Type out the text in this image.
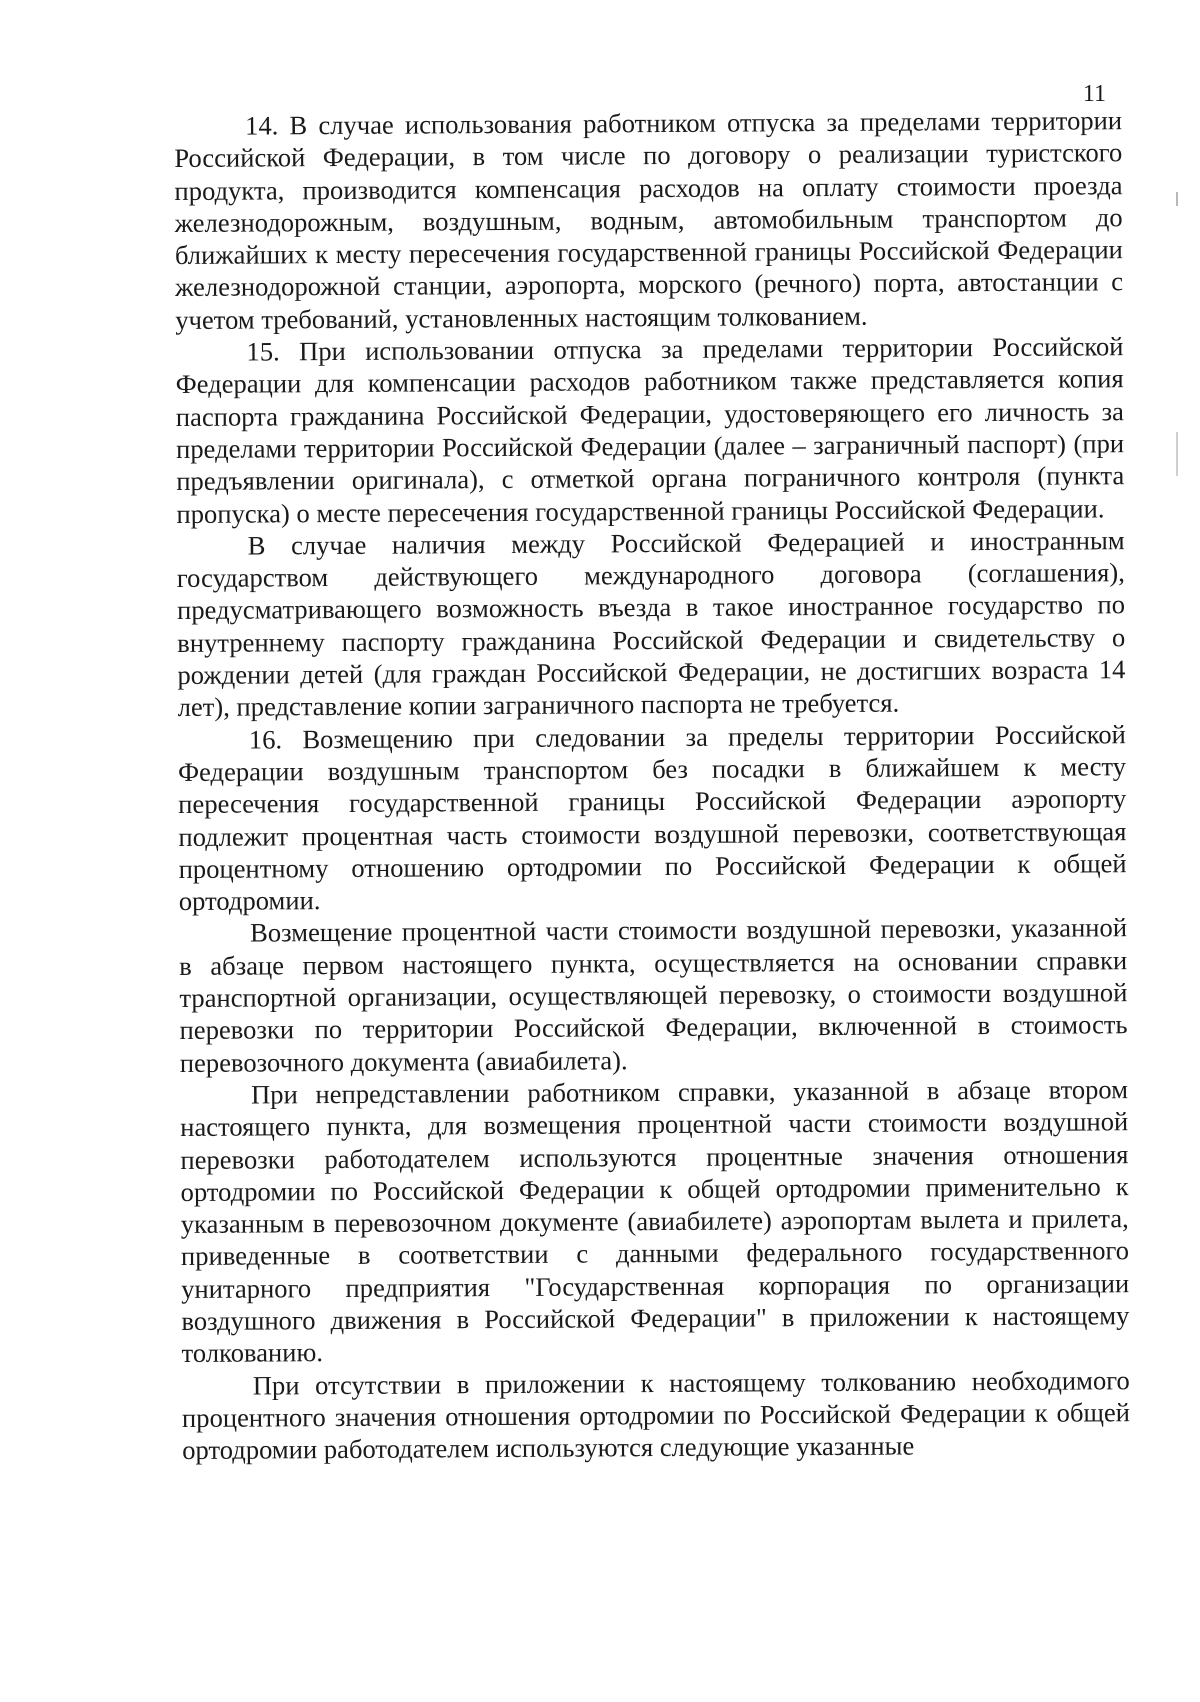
11

14. В случае использования работником отпуска за пределами территории Российской Федерации, в том числе по договору о реализации туристского продукта, производится компенсация расходов на оплату стоимости проезда железнодорожным, воздушным, водным, автомобильным транспортом до ближайших к месту пересечения государственной границы Российской Федерации железнодорожной станции, аэропорта, морского (речного) порта, автостанции с учетом требований, установленных настоящим толкованием.

15. При использовании отпуска за пределами территории Российской Федерации для компенсации расходов работником также представляется копия паспорта гражданина Российской Федерации, удостоверяющего его личность за пределами территории Российской Федерации (далее – заграничный паспорт) (при предъявлении оригинала), с отметкой органа пограничного контроля (пункта пропуска) о месте пересечения государственной границы Российской Федерации.

В случае наличия между Российской Федерацией и иностранным государством действующего международного договора (соглашения), предусматривающего возможность въезда в такое иностранное государство по внутреннему паспорту гражданина Российской Федерации и свидетельству о рождении детей (для граждан Российской Федерации, не достигших возраста 14 лет), представление копии заграничного паспорта не требуется.

16. Возмещению при следовании за пределы территории Российской Федерации воздушным транспортом без посадки в ближайшем к месту пересечения государственной границы Российской Федерации аэропорту подлежит процентная часть стоимости воздушной перевозки, соответствующая процентному отношению ортодромии по Российской Федерации к общей ортодромии.

Возмещение процентной части стоимости воздушной перевозки, указанной в абзаце первом настоящего пункта, осуществляется на основании справки транспортной организации, осуществляющей перевозку, о стоимости воздушной перевозки по территории Российской Федерации, включенной в стоимость перевозочного документа (авиабилета).

При непредставлении работником справки, указанной в абзаце втором настоящего пункта, для возмещения процентной части стоимости воздушной перевозки работодателем используются процентные значения отношения ортодромии по Российской Федерации к общей ортодромии применительно к указанным в перевозочном документе (авиабилете) аэропортам вылета и прилета, приведенные в соответствии с данными федерального государственного унитарного предприятия "Государственная корпорация по организации воздушного движения в Российской Федерации" в приложении к настоящему толкованию.

При отсутствии в приложении к настоящему толкованию необходимого процентного значения отношения ортодромии по Российской Федерации к общей ортодромии работодателем используются следующие указанные
